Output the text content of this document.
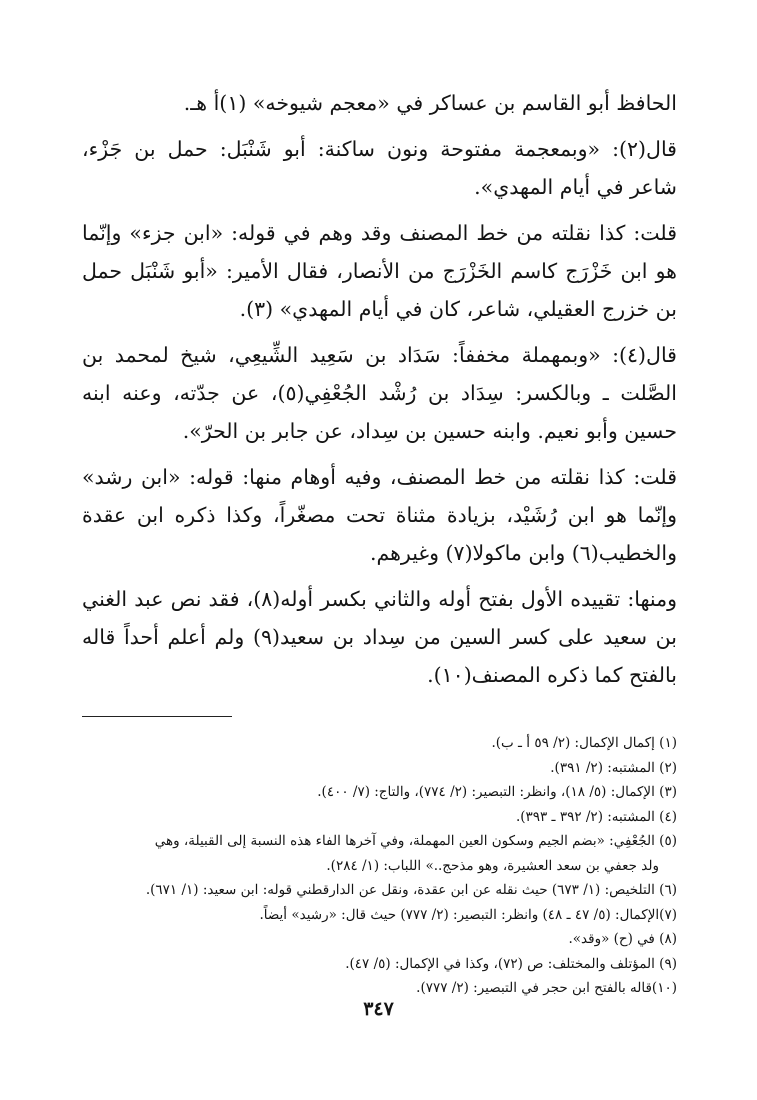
الحافظ أبو القاسم بن عساكر في «معجم شيوخه» (١)أ هـ.

قال(٢): «وبمعجمة مفتوحة ونون ساكنة: أبو شَنْبَل: حمل بن جَزْء، شاعر في أيام المهدي».

قلت: كذا نقلته من خط المصنف وقد وهم في قوله: «ابن جزء» وإنّما هو ابن خَزْرَج كاسم الخَزْرَج من الأنصار، فقال الأمير: «أبو شَنْبَل حمل بن خزرج العقيلي، شاعر، كان في أيام المهدي» (٣).

قال(٤): «وبمهملة مخففاً: سَدَاد بن سَعِيد الشِّيعِي، شيخ لمحمد بن الصَّلت ـ وبالكسر: سِدَاد بن رُشْد الجُعْفِي(٥)، عن جدّته، وعنه ابنه حسين وأبو نعيم. وابنه حسين بن سِداد، عن جابر بن الحرّ».

قلت: كذا نقلته من خط المصنف، وفيه أوهام منها: قوله: «ابن رشد» وإنّما هو ابن رُشَيْد، بزيادة مثناة تحت مصغّراً، وكذا ذكره ابن عقدة والخطيب(٦) وابن ماكولا(٧) وغيرهم.

ومنها: تقييده الأول بفتح أوله والثاني بكسر أوله(٨)، فقد نص عبد الغني بن سعيد على كسر السين من سِداد بن سعيد(٩) ولم أعلم أحداً قاله بالفتح كما ذكره المصنف(١٠).

(١) إكمال الإكمال: (٢/ ٥٩ أ ـ ب).
(٢) المشتبه: (٢/ ٣٩١).
(٣) الإكمال: (٥/ ١٨)، وانظر: التبصير: (٢/ ٧٧٤)، والتاج: (٧/ ٤٠٠).
(٤) المشتبه: (٢/ ٣٩٢ ـ ٣٩٣).
(٥) الجُعْفِي: «بضم الجيم وسكون العين المهملة، وفي آخرها الفاء هذه النسبة إلى القبيلة، وهي
ولد جعفي بن سعد العشيرة، وهو مذحج..» اللباب: (١/ ٢٨٤).
(٦) التلخيص: (١/ ٦٧٣) حيث نقله عن ابن عقدة، ونقل عن الدارقطني قوله: ابن سعيد: (١/ ٦٧١).
(٧)الإكمال: (٥/ ٤٧ ـ ٤٨) وانظر: التبصير: (٢/ ٧٧٧) حيث قال: «رشيد» أيضاً.
(٨) في (ح) «وقد».
(٩) المؤتلف والمختلف: ص (٧٢)، وكذا في الإكمال: (٥/ ٤٧).
(١٠)قاله بالفتح ابن حجر في التبصير: (٢/ ٧٧٧).
٣٤٧
